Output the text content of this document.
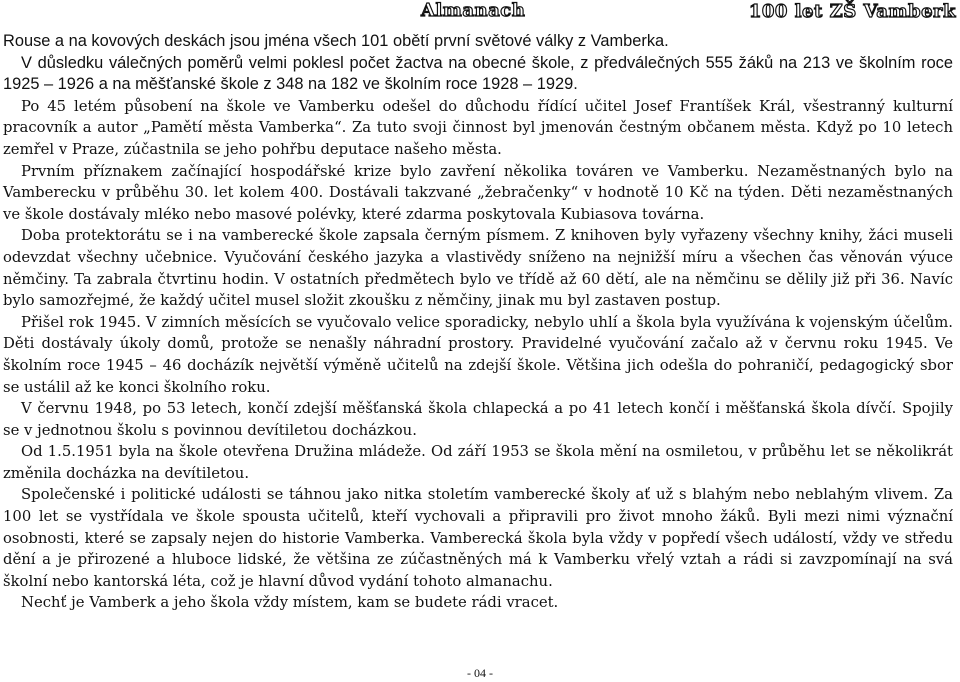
Almanach	100 let ZŠ Vamberk

Rouse a na kovových deskách jsou jména všech 101 obětí první světové války z Vamberka.

V důsledku válečných poměrů velmi poklesl počet žactva na obecné škole, z předválečných 555 žáků na 213 ve školním roce 1925 – 1926 a na měšťanské škole z 348 na 182 ve školním roce 1928 – 1929.

Po 45 letém působení na škole ve Vamberku odešel do důchodu řídící učitel Josef Frantíšek Král, všestranný kulturní pracovník a autor „Pamětí města Vamberka“. Za tuto svoji činnost byl jmenován čestným občanem města. Když po 10 letech zemřel v Praze, zúčastnila se jeho pohřbu deputace našeho města.

Prvním příznakem začínající hospodářské krize bylo zavření několika továren ve Vamberku. Nezaměstnaných bylo na Vamberecku v průběhu 30. let kolem 400. Dostávali takzvané „žebračenky“ v hodnotě 10 Kč na týden. Děti nezaměstnaných ve škole dostávaly mléko nebo masové polévky, které zdarma poskytovala Kubiasova továrna.

Doba protektorátu se i na vamberecké škole zapsala černým písmem. Z knihoven byly vyřazeny všechny knihy, žáci museli odevzdat všechny učebnice. Vyučování českého jazyka a vlastivědy sníženo na nejnižší míru a všechen čas věnován výuce němčiny. Ta zabrala čtvrtinu hodin. V ostatních předmětech bylo ve třídě až 60 dětí, ale na němčinu se dělily již při 36. Navíc bylo samozřejmé, že každý učitel musel složit zkoušku z němčiny, jinak mu byl zastaven postup.

Přišel rok 1945. V zimních měsících se vyučovalo velice sporadicky, nebylo uhlí a škola byla využívána k vojenským účelům. Děti dostávaly úkoly domů, protože se nenašly náhradní prostory. Pravidelné vyučování začalo až v červnu roku 1945. Ve školním roce 1945 – 46 docházík největší výměně učitelů na zdejší škole. Většina jich odešla do pohraničí, pedagogický sbor se ustálil až ke konci školního roku.

V červnu 1948, po 53 letech, končí zdejší měšťanská škola chlapecká a po 41 letech končí i měšťanská škola dívčí. Spojily se v jednotnou školu s povinnou devítiletou docházkou.

Od 1.5.1951 byla na škole otevřena Družina mládeže. Od září 1953 se škola mění na osmiletou, v průběhu let se několikrát změnila docházka na devítiletou.

Společenské i politické události se táhnou jako nitka stoletím vamberecké školy ať už s blahým nebo neblahým vlivem. Za 100 let se vystřídala ve škole spousta učitelů, kteří vychovali a připravili pro život mnoho žáků. Byli mezi nimi význační osobnosti, které se zapsaly nejen do historie Vamberka. Vamberecká škola byla vždy v popředí všech událostí, vždy ve středu dění a je přirozené a hluboce lidské, že většina ze zúčastněných má k Vamberku vřelý vztah a rádi si zavzpomínají na svá školní nebo kantorská léta, což je hlavní důvod vydání tohoto almanachu.

Nechť je Vamberk a jeho škola vždy místem, kam se budete rádi vracet.

- 04 -
